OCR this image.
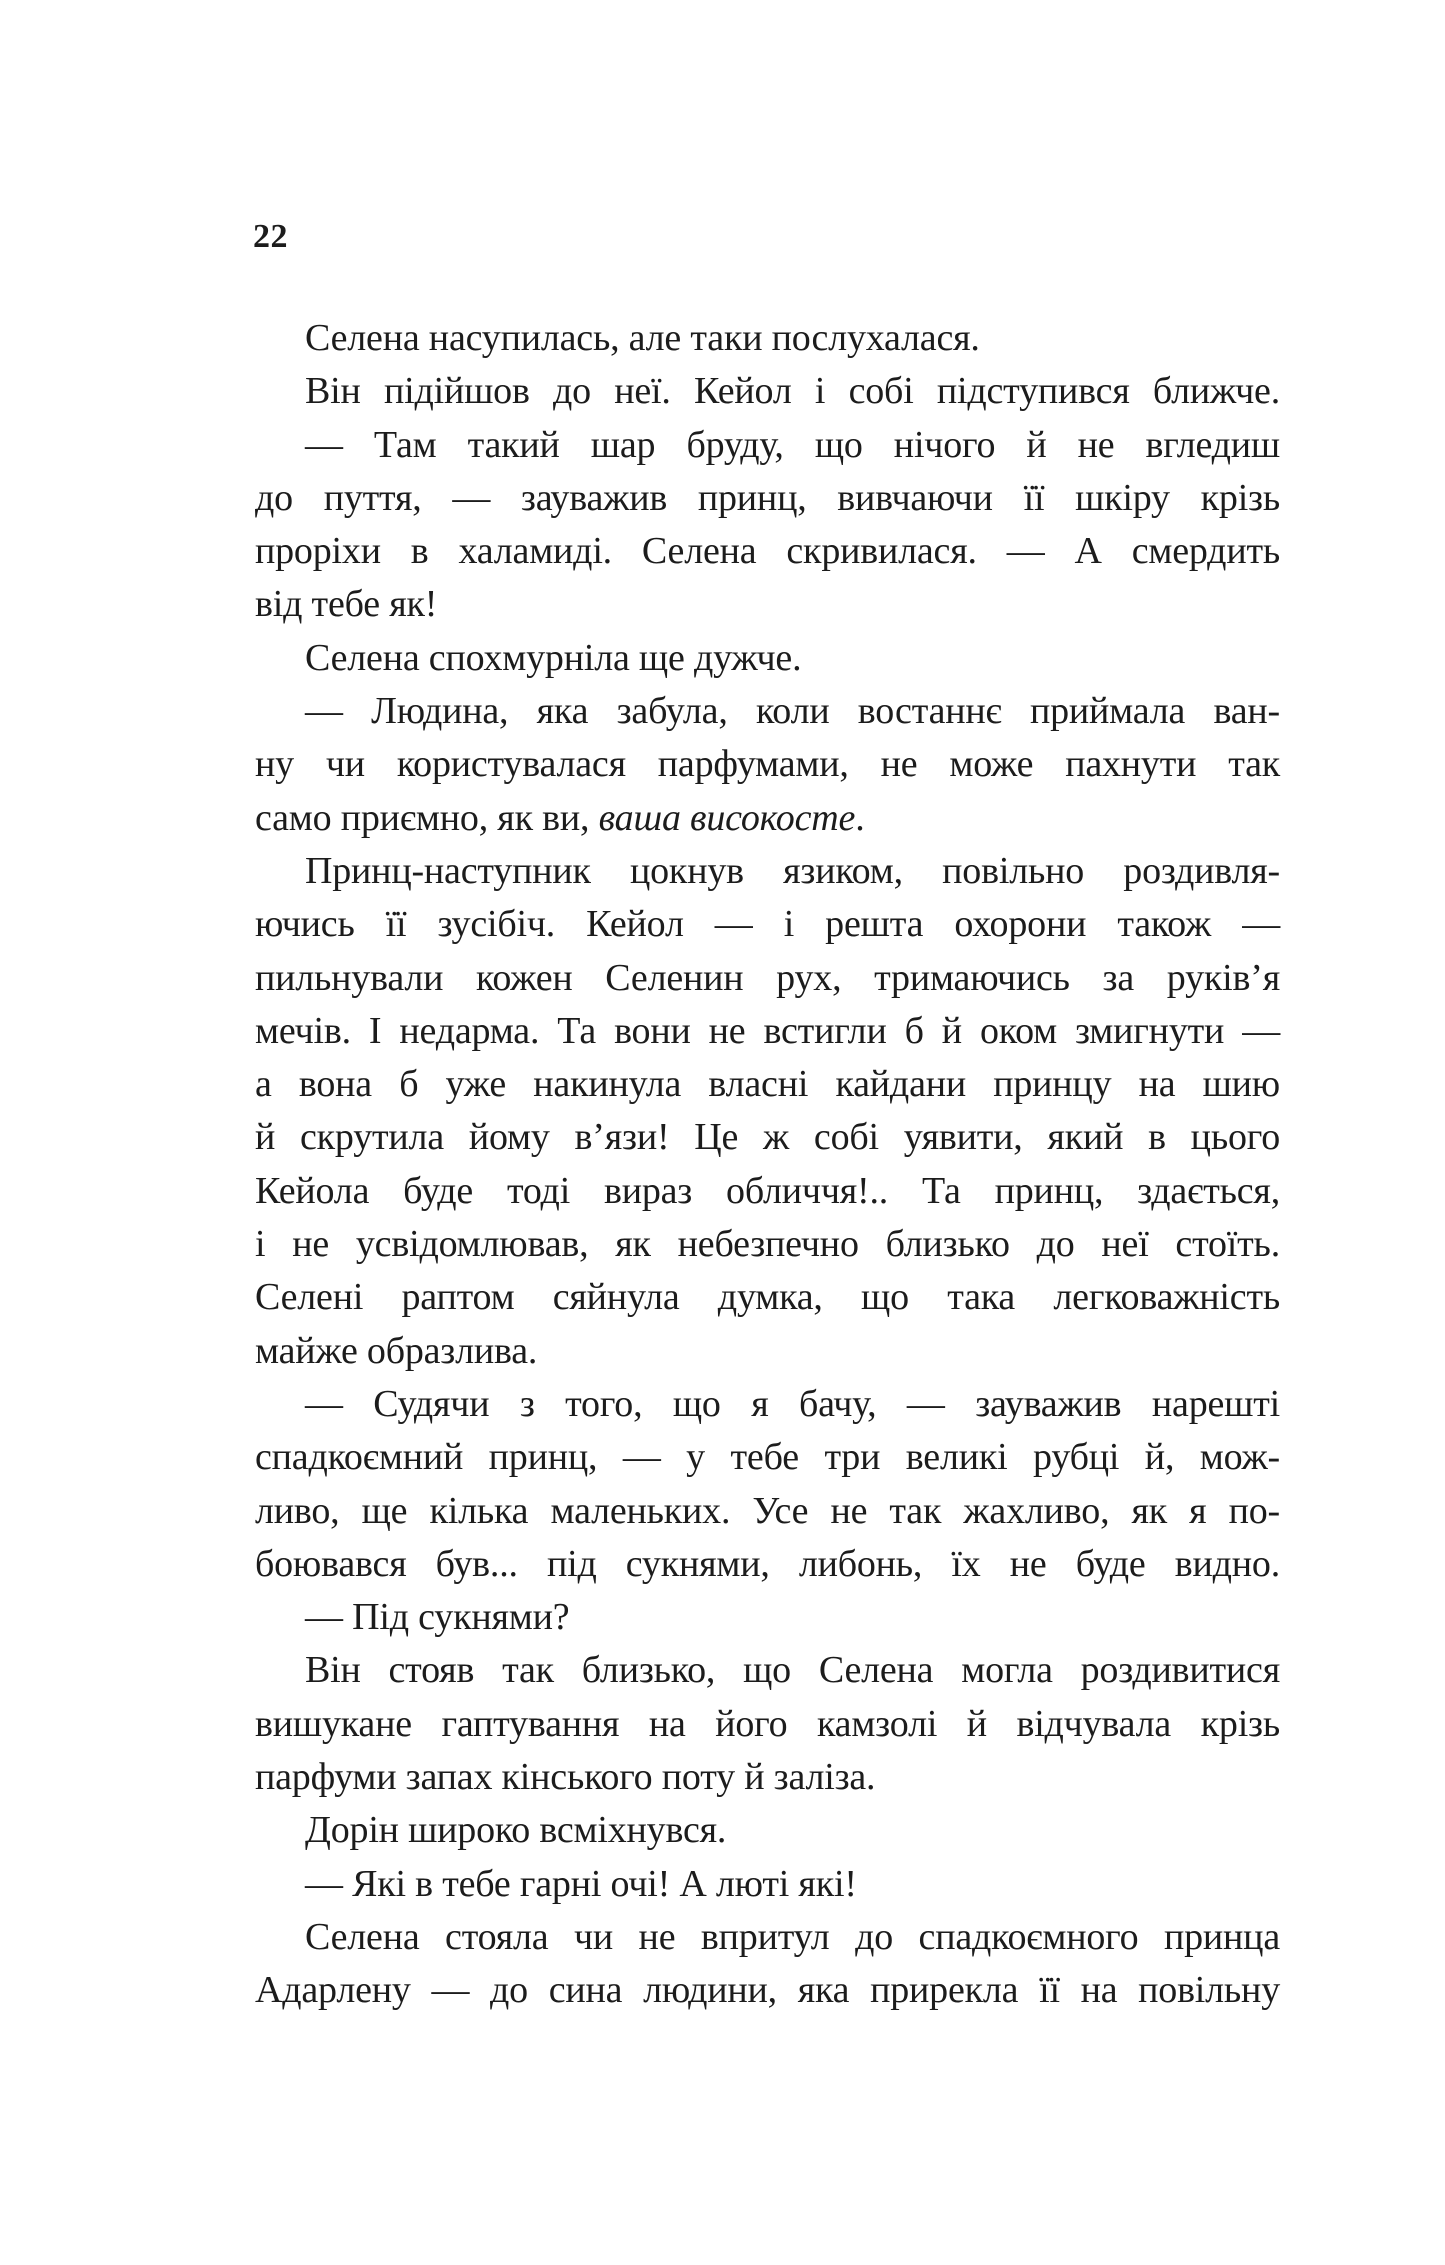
22
Селена насупилась, але таки послухалася.
Він підійшов до неї. Кейол і собі підступився ближче.
— Там такий шар бруду, що нічого й не вгледиш
до пуття, — зауважив принц, вивчаючи її шкіру крізь
проріхи в халамиді. Селена скривилася. — А смердить
від тебе як!
Селена спохмурніла ще дужче.
— Людина, яка забула, коли востаннє приймала ван-
ну чи користувалася парфумами, не може пахнути так
само приємно, як ви, ваша високосте.
Принц-наступник цокнув язиком, повільно роздивля-
ючись її зусібіч. Кейол — і решта охорони також —
пильнували кожен Селенин рух, тримаючись за руків’я
мечів. І недарма. Та вони не встигли б й оком змигнути —
а вона б уже накинула власні кайдани принцу на шию
й скрутила йому в’язи! Це ж собі уявити, який в цього
Кейола буде тоді вираз обличчя!.. Та принц, здається,
і не усвідомлював, як небезпечно близько до неї стоїть.
Селені раптом сяйнула думка, що така легковажність
майже образлива.
— Судячи з того, що я бачу, — зауважив нарешті
спадкоємний принц, — у тебе три великі рубці й, мож-
ливо, ще кілька маленьких. Усе не так жахливо, як я по-
боювався був... під сукнями, либонь, їх не буде видно.
— Під сукнями?
Він стояв так близько, що Селена могла роздивитися
вишукане гаптування на його камзолі й відчувала крізь
парфуми запах кінського поту й заліза.
Дорін широко всміхнувся.
— Які в тебе гарні очі! А люті які!
Селена стояла чи не впритул до спадкоємного принца
Адарлену — до сина людини, яка прирекла її на повільну
